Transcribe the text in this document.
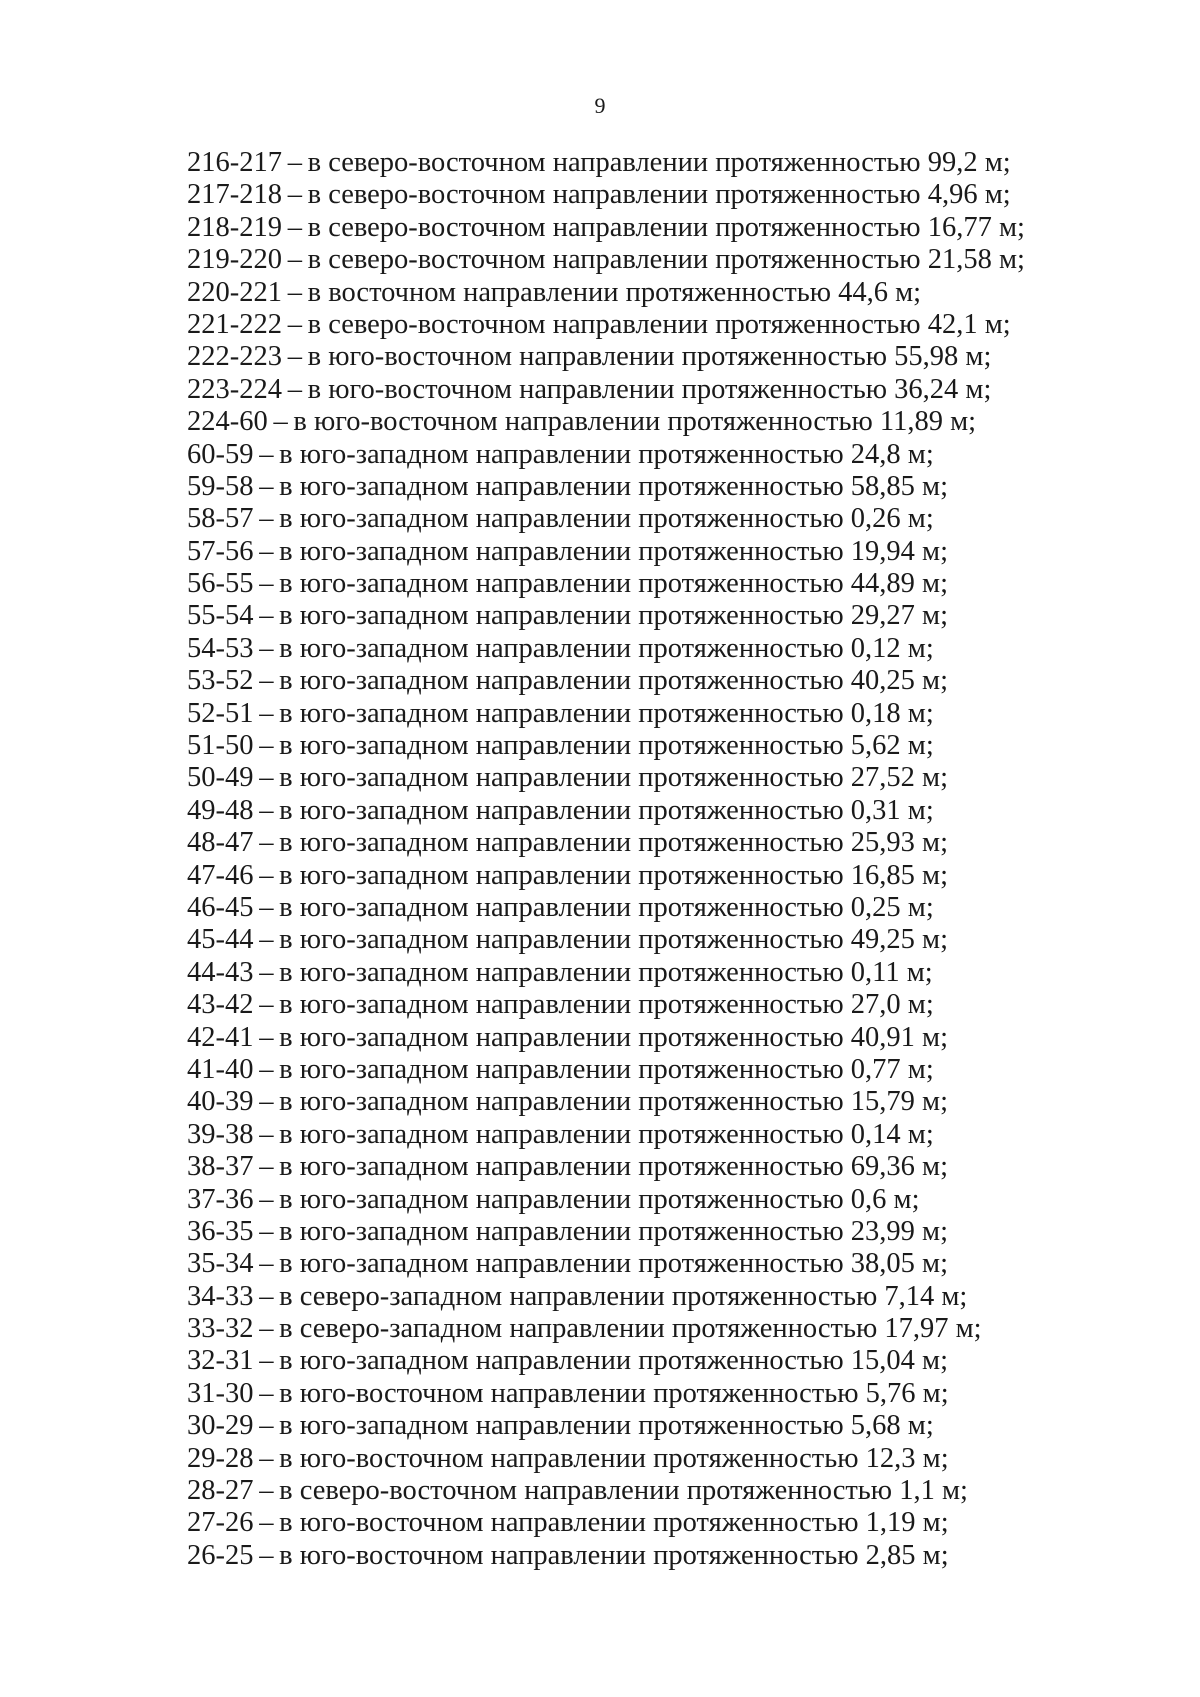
9
216-217 – в северо-восточном направлении протяженностью 99,2 м;
217-218 – в северо-восточном направлении протяженностью 4,96 м;
218-219 – в северо-восточном направлении протяженностью 16,77 м;
219-220 – в северо-восточном направлении протяженностью 21,58 м;
220-221 – в восточном направлении протяженностью 44,6 м;
221-222 – в северо-восточном направлении протяженностью 42,1 м;
222-223 – в юго-восточном направлении протяженностью 55,98 м;
223-224 – в юго-восточном направлении протяженностью 36,24 м;
224-60 – в юго-восточном направлении протяженностью 11,89 м;
60-59 – в юго-западном направлении протяженностью 24,8 м;
59-58 – в юго-западном направлении протяженностью 58,85 м;
58-57 – в юго-западном направлении протяженностью 0,26 м;
57-56 – в юго-западном направлении протяженностью 19,94 м;
56-55 – в юго-западном направлении протяженностью 44,89 м;
55-54 – в юго-западном направлении протяженностью 29,27 м;
54-53 – в юго-западном направлении протяженностью 0,12 м;
53-52 – в юго-западном направлении протяженностью 40,25 м;
52-51 – в юго-западном направлении протяженностью 0,18 м;
51-50 – в юго-западном направлении протяженностью 5,62 м;
50-49 – в юго-западном направлении протяженностью 27,52 м;
49-48 – в юго-западном направлении протяженностью 0,31 м;
48-47 – в юго-западном направлении протяженностью 25,93 м;
47-46 – в юго-западном направлении протяженностью 16,85 м;
46-45 – в юго-западном направлении протяженностью 0,25 м;
45-44 – в юго-западном направлении протяженностью 49,25 м;
44-43 – в юго-западном направлении протяженностью 0,11 м;
43-42 – в юго-западном направлении протяженностью 27,0 м;
42-41 – в юго-западном направлении протяженностью 40,91 м;
41-40 – в юго-западном направлении протяженностью 0,77 м;
40-39 – в юго-западном направлении протяженностью 15,79 м;
39-38 – в юго-западном направлении протяженностью 0,14 м;
38-37 – в юго-западном направлении протяженностью 69,36 м;
37-36 – в юго-западном направлении протяженностью 0,6 м;
36-35 – в юго-западном направлении протяженностью 23,99 м;
35-34 – в юго-западном направлении протяженностью 38,05 м;
34-33 – в северо-западном направлении протяженностью 7,14 м;
33-32 – в северо-западном направлении протяженностью 17,97 м;
32-31 – в юго-западном направлении протяженностью 15,04 м;
31-30 – в юго-восточном направлении протяженностью 5,76 м;
30-29 – в юго-западном направлении протяженностью 5,68 м;
29-28 – в юго-восточном направлении протяженностью 12,3 м;
28-27 – в северо-восточном направлении протяженностью 1,1 м;
27-26 – в юго-восточном направлении протяженностью 1,19 м;
26-25 – в юго-восточном направлении протяженностью 2,85 м;
